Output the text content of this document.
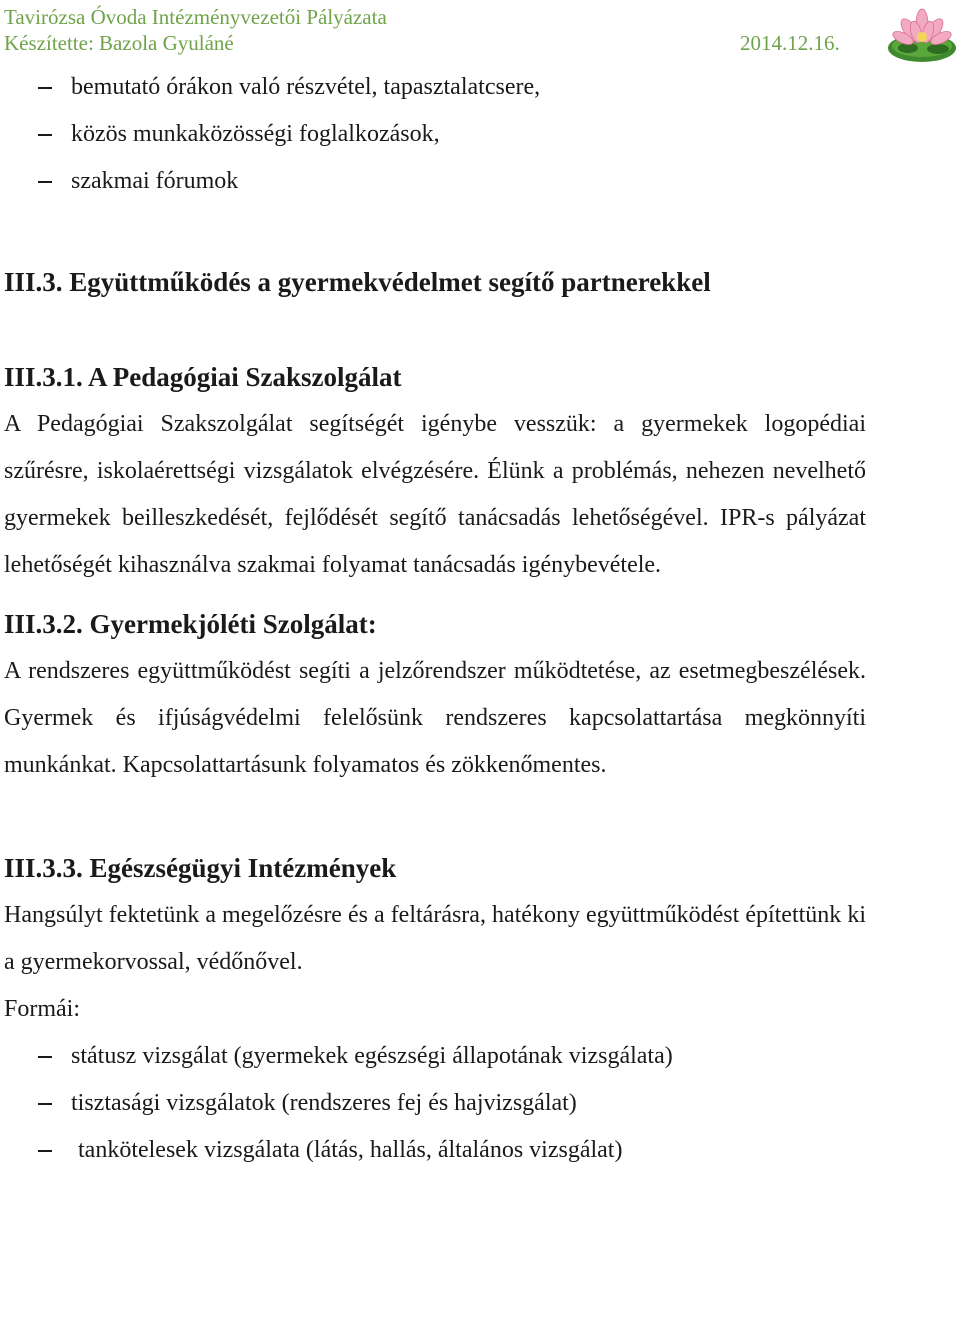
Tavirózsa Óvoda Intézményvezetői Pályázata
Készítette: Bazola Gyuláné	2014.12.16.
bemutató órákon való részvétel, tapasztalatcsere,
közös munkaközösségi foglalkozások,
szakmai fórumok
III.3. Együttműködés a gyermekvédelmet segítő partnerekkel
III.3.1. A Pedagógiai Szakszolgálat

A Pedagógiai Szakszolgálat segítségét igénybe vesszük: a gyermekek logopédiai szűrésre, iskolaérettségi vizsgálatok elvégzésére. Élünk a problémás, nehezen nevelhető gyermekek beilleszkedését, fejlődését segítő tanácsadás lehetőségével. IPR-s pályázat lehetőségét kihasználva szakmai folyamat tanácsadás igénybevétele.

III.3.2. Gyermekjóléti Szolgálat:

A rendszeres együttműködést segíti a jelzőrendszer működtetése, az esetmegbeszélések. Gyermek és ifjúságvédelmi felelősünk rendszeres kapcsolattartása megkönnyíti munkánkat. Kapcsolattartásunk folyamatos és zökkenőmentes.

III.3.3. Egészségügyi Intézmények

Hangsúlyt fektetünk a megelőzésre és a feltárásra, hatékony együttműködést építettünk ki a gyermekorvossal, védőnővel.

Formái:

státusz vizsgálat (gyermekek egészségi állapotának vizsgálata)
tisztasági vizsgálatok (rendszeres fej és hajvizsgálat)
tankötelesek vizsgálata (látás, hallás, általános vizsgálat)
